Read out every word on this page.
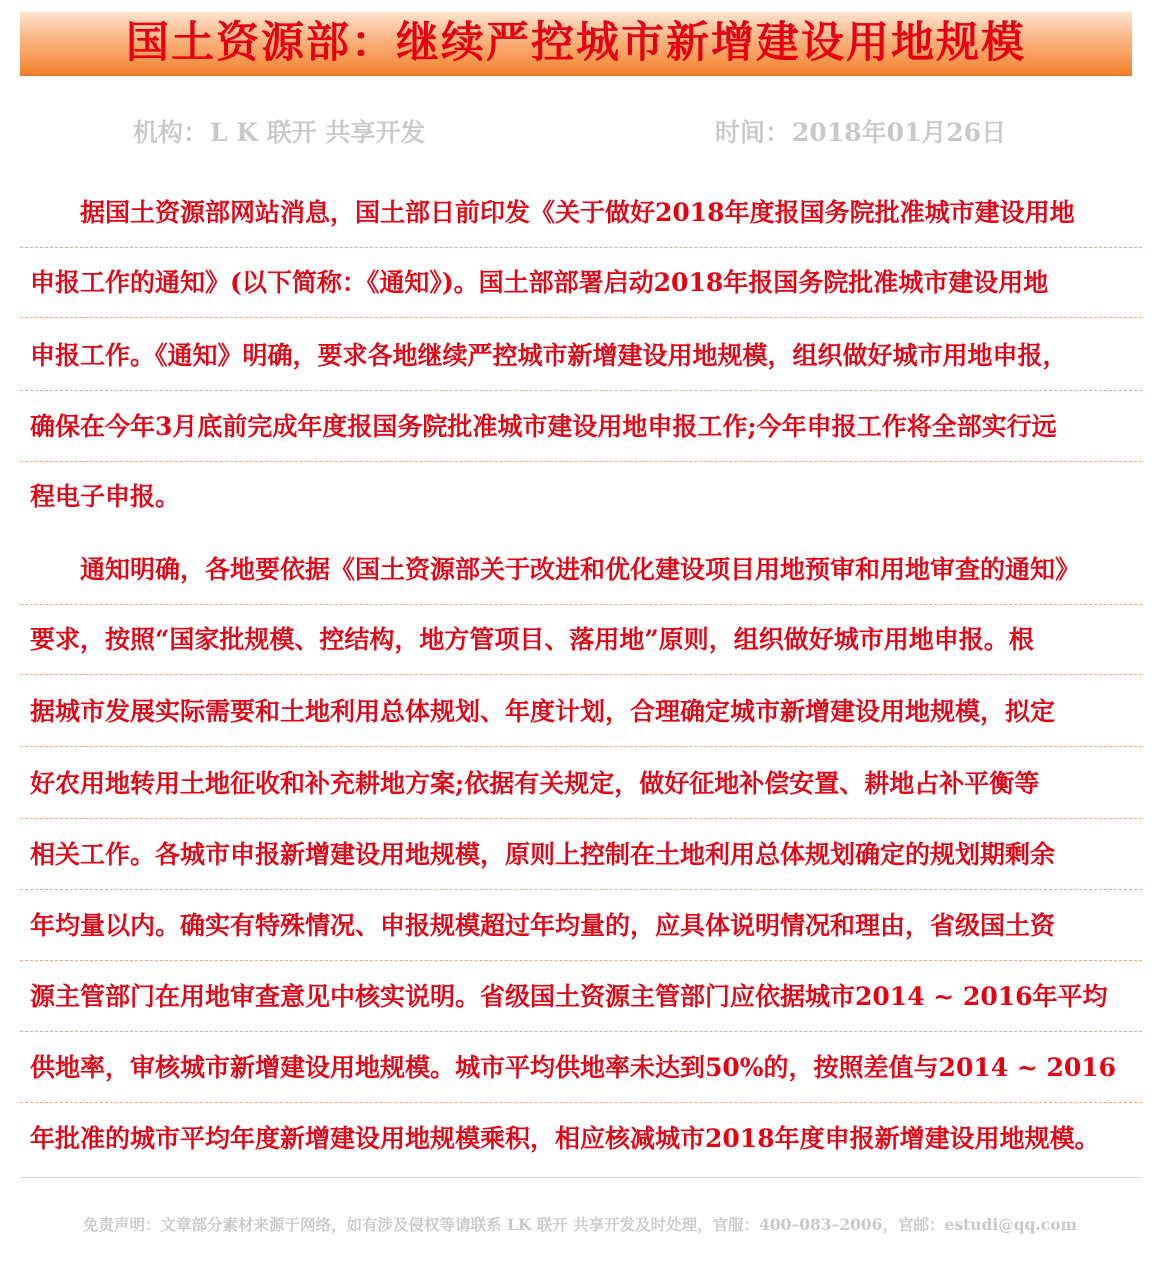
国土资源部：继续严控城市新增建设用地规模
机构：L K 联开 共享开发	时间：2018年01月26日
据国土资源部网站消息，国土部日前印发《关于做好2018年度报国务院批准城市建设用地
申报工作的通知》(以下简称：《通知》)。国土部部署启动2018年报国务院批准城市建设用地
申报工作。《通知》明确，要求各地继续严控城市新增建设用地规模，组织做好城市用地申报，
确保在今年3月底前完成年度报国务院批准城市建设用地申报工作;今年申报工作将全部实行远
程电子申报。
通知明确，各地要依据《国土资源部关于改进和优化建设项目用地预审和用地审查的通知》
要求，按照“国家批规模、控结构，地方管项目、落用地”原则，组织做好城市用地申报。根
据城市发展实际需要和土地利用总体规划、年度计划，合理确定城市新增建设用地规模，拟定
好农用地转用土地征收和补充耕地方案;依据有关规定，做好征地补偿安置、耕地占补平衡等
相关工作。各城市申报新增建设用地规模，原则上控制在土地利用总体规划确定的规划期剩余
年均量以内。确实有特殊情况、申报规模超过年均量的，应具体说明情况和理由，省级国土资
源主管部门在用地审查意见中核实说明。省级国土资源主管部门应依据城市2014 ~ 2016年平均
供地率，审核城市新增建设用地规模。城市平均供地率未达到50%的，按照差值与2014 ~ 2016
年批准的城市平均年度新增建设用地规模乘积，相应核减城市2018年度申报新增建设用地规模。
免责声明：文章部分素材来源于网络，如有涉及侵权等请联系 LK 联开 共享开发及时处理，官服：400–083–2006，官邮：estudi@qq.com
